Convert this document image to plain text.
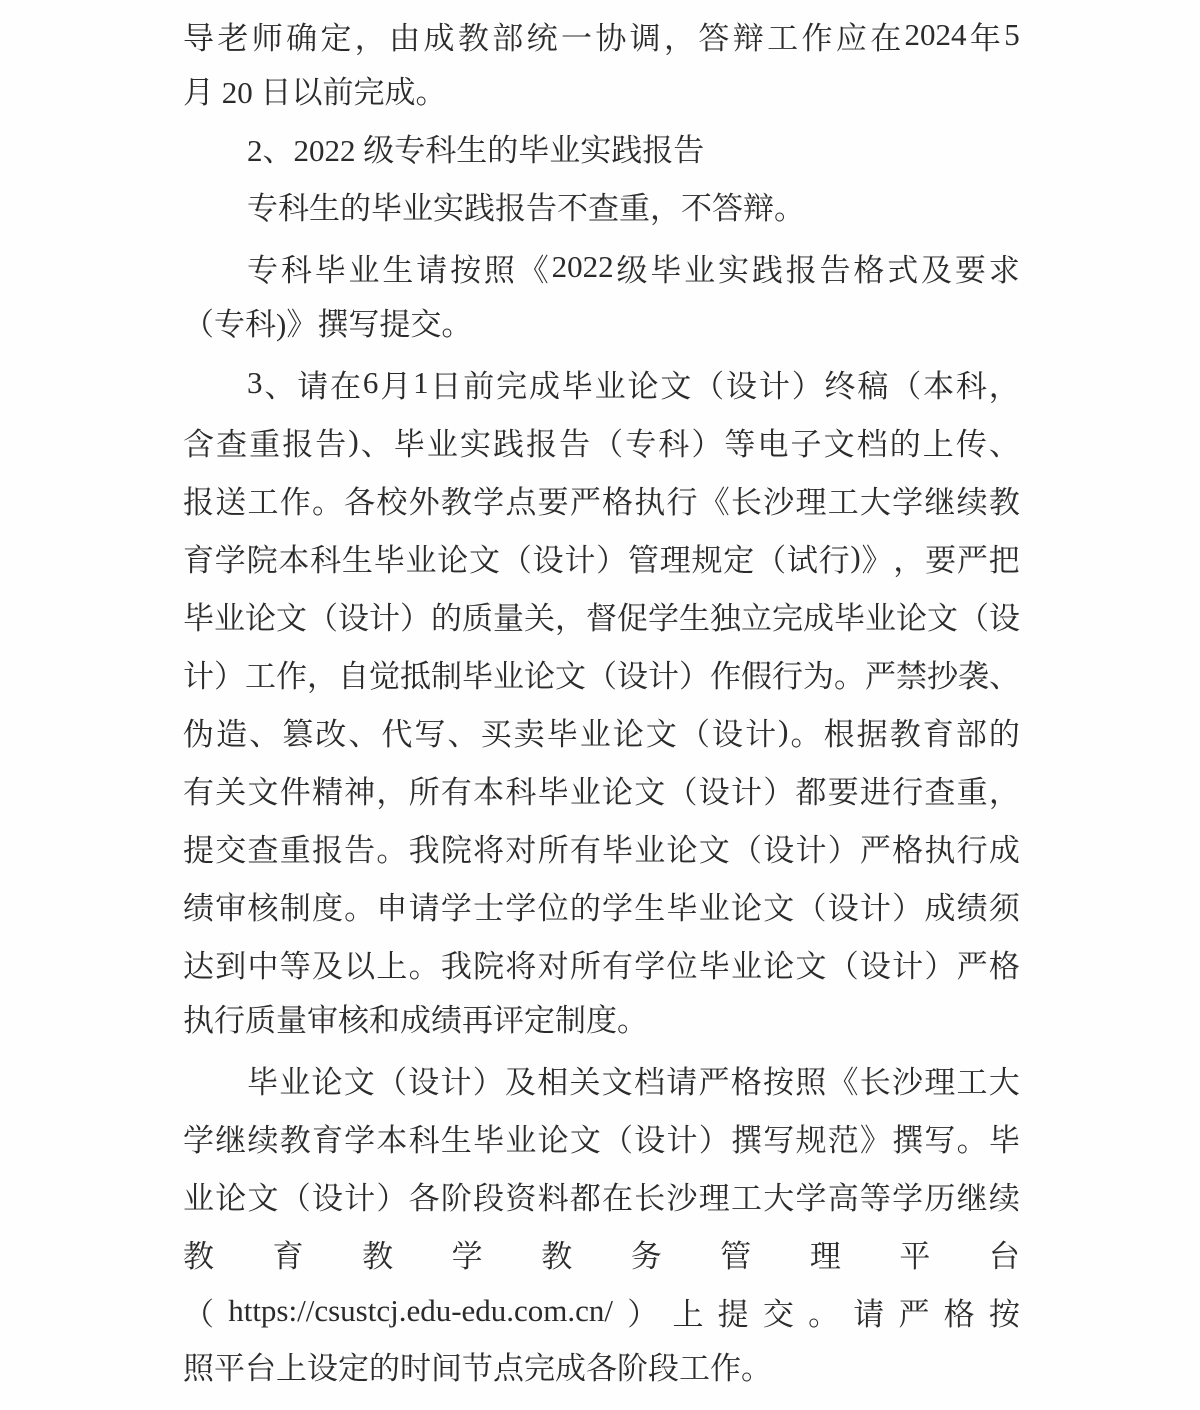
导 老 师 确 定 ， 由 成 教 部 统 一 协 调 ， 答 辩 工 作 应 在 2024 年 5
月 20 日以前完成。
2、2022 级专科生的毕业实践报告
专科生的毕业实践报告不查重，不答辩。
专 科 毕 业 生 请 按 照 《 2022 级 毕 业 实 践 报 告 格 式 及 要 求
（专科)》撰写提交。
3 、 请 在 6 月 1 日 前 完 成 毕 业 论 文 （ 设 计 ） 终 稿 （ 本 科 ，
含 查 重 报 告 ) 、 毕 业 实 践 报 告 （ 专 科 ） 等 电 子 文 档 的 上 传 、
报 送 工 作 。 各 校 外 教 学 点 要 严 格 执 行 《 长 沙 理 工 大 学 继 续 教
育 学 院 本 科 生 毕 业 论 文 （ 设 计 ） 管 理 规 定 （ 试 行 ) 》 ， 要 严 把
毕 业 论 文 （ 设 计 ） 的 质 量 关 ， 督 促 学 生 独 立 完 成 毕 业 论 文 （ 设
计 ） 工 作 ， 自 觉 抵 制 毕 业 论 文 （ 设 计 ） 作 假 行 为 。 严 禁 抄 袭 、
伪 造 、 篡 改 、 代 写 、 买 卖 毕 业 论 文 （ 设 计 ) 。 根 据 教 育 部 的
有 关 文 件 精 神 ， 所 有 本 科 毕 业 论 文 （ 设 计 ） 都 要 进 行 查 重 ，
提 交 查 重 报 告 。 我 院 将 对 所 有 毕 业 论 文 （ 设 计 ） 严 格 执 行 成
绩 审 核 制 度 。 申 请 学 士 学 位 的 学 生 毕 业 论 文 （ 设 计 ） 成 绩 须
达 到 中 等 及 以 上 。 我 院 将 对 所 有 学 位 毕 业 论 文 （ 设 计 ） 严 格
执行质量审核和成绩再评定制度。
毕 业 论 文 （ 设 计 ） 及 相 关 文 档 请 严 格 按 照 《 长 沙 理 工 大
学 继 续 教 育 学 本 科 生 毕 业 论 文 （ 设 计 ） 撰 写 规 范 》 撰 写 。 毕
业 论 文 （ 设 计 ） 各 阶 段 资 料 都 在 长 沙 理 工 大 学 高 等 学 历 继 续
教 育 教 学 教 务 管 理 平 台
（ https://csustcj.edu-edu.com.cn/ ） 上 提 交 。 请 严 格 按
照平台上设定的时间节点完成各阶段工作。
